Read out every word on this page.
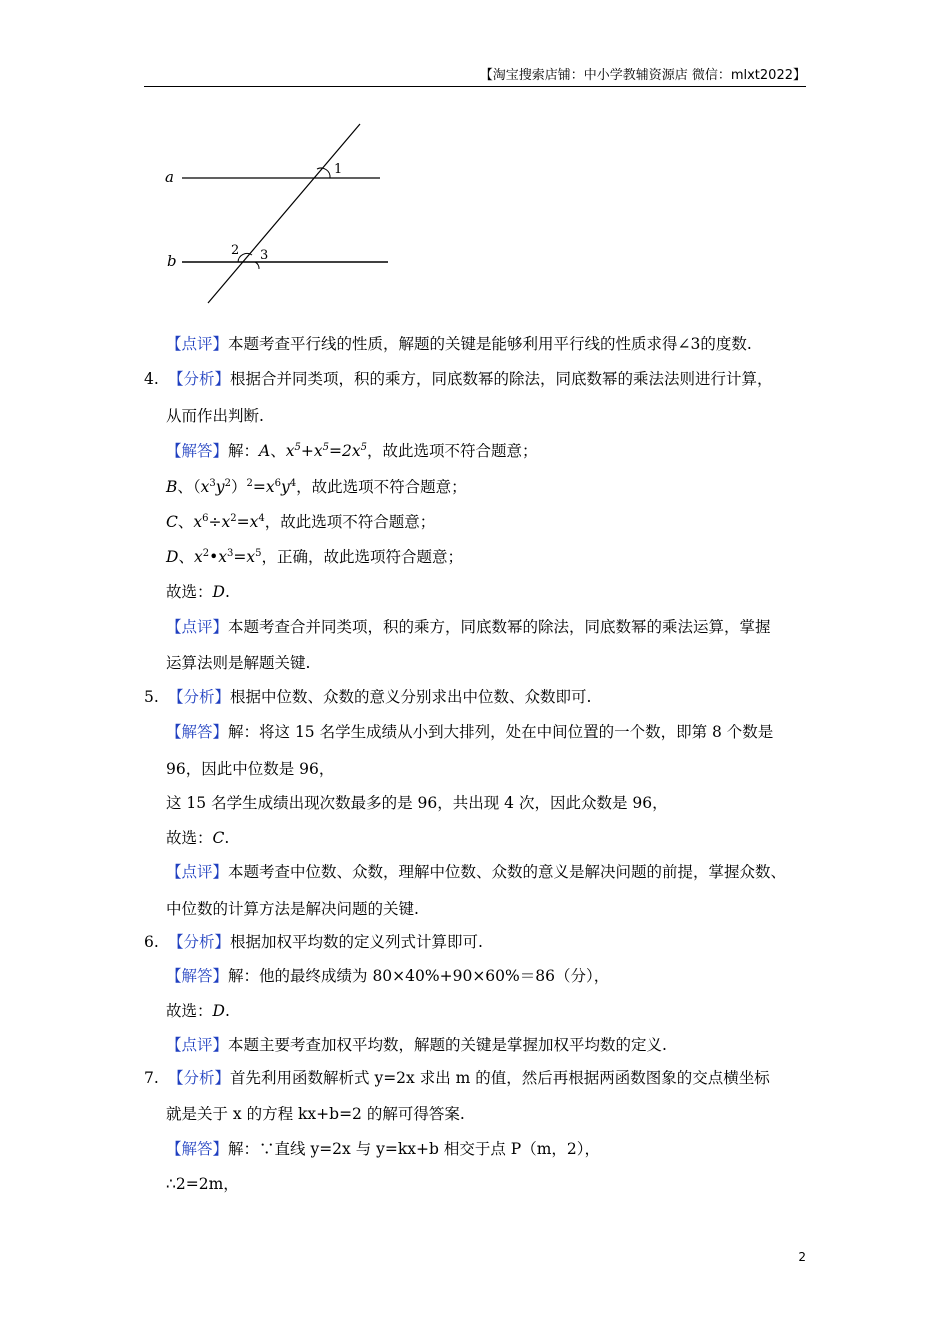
【淘宝搜索店铺：中小学教辅资源店 微信：mlxt2022】
a
b
1
2 3
【点评】本题考查平行线的性质，解题的关键是能够利用平行线的性质求得∠3的度数.
4. 【分析】根据合并同类项，积的乘方，同底数幂的除法，同底数幂的乘法法则进行计算，
从而作出判断.
【解答】解：A、$x^5+x^5=2x^5$，故此选项不符合题意；
B、$(x^3y^2)^2=x^6y^4$，故此选项不符合题意；
C、$x^6\div x^2=x^4$，故此选项不符合题意；
D、$x^2•x^3=x^5$，正确，故此选项符合题意；
故选：D.
【点评】本题考查合并同类项，积的乘方，同底数幂的除法，同底数幂的乘法运算，掌握
运算法则是解题关键.
5. 【分析】根据中位数、众数的意义分别求出中位数、众数即可.
【解答】解：将这 15 名学生成绩从小到大排列，处在中间位置的一个数，即第 8 个数是
96，因此中位数是 96，
这 15 名学生成绩出现次数最多的是 96，共出现 4 次，因此众数是 96，
故选：C.
【点评】本题考查中位数、众数，理解中位数、众数的意义是解决问题的前提，掌握众数、
中位数的计算方法是解决问题的关键.
6. 【分析】根据加权平均数的定义列式计算即可.
【解答】解：他的最终成绩为 80×40%+90×60%＝86（分），
故选：D.
【点评】本题主要考查加权平均数，解题的关键是掌握加权平均数的定义.
7. 【分析】首先利用函数解析式 y=2x 求出 m 的值，然后再根据两函数图象的交点横坐标
就是关于 x 的方程 kx+b=2 的解可得答案.
【解答】解：∵直线 y=2x 与 y=kx+b 相交于点 P（m，2），
∴2=2m，
2
